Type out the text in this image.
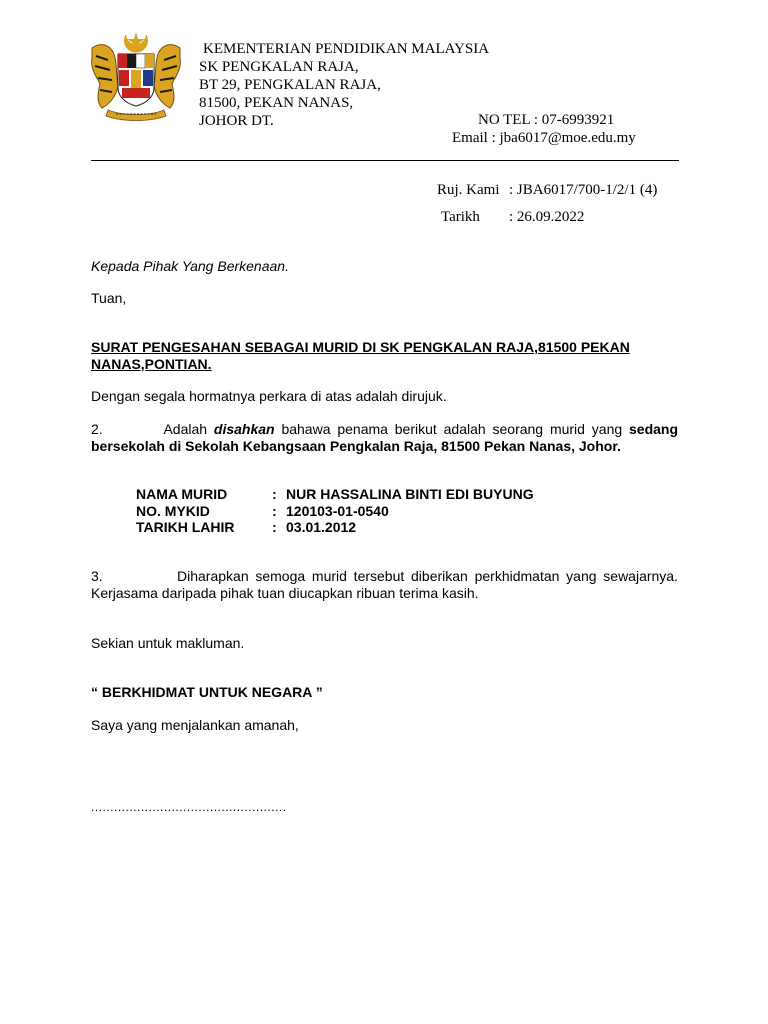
KEMENTERIAN PENDIDIKAN MALAYSIA
SK PENGKALAN RAJA,
BT 29, PENGKALAN RAJA,
81500, PEKAN NANAS,
JOHOR DT.	NO TEL : 07-6993921
Email : jba6017@moe.edu.my
Ruj. Kami : JBA6017/700-1/2/1 (4)
Tarikh : 26.09.2022
Kepada Pihak Yang Berkenaan.
Tuan,
SURAT PENGESAHAN SEBAGAI MURID DI SK PENGKALAN RAJA,81500 PEKAN NANAS,PONTIAN.
Dengan segala hormatnya perkara di atas adalah dirujuk.
2.	Adalah disahkan bahawa penama berikut adalah seorang murid yang sedang
bersekolah di Sekolah Kebangsaan Pengkalan Raja, 81500 Pekan Nanas, Johor.
NAMA MURID	: NUR HASSALINA BINTI EDI BUYUNG
NO. MYKID	: 120103-01-0540
TARIKH LAHIR	: 03.01.2012
3.	Diharapkan semoga murid tersebut diberikan perkhidmatan yang sewajarnya.
Kerjasama daripada pihak tuan diucapkan ribuan terima kasih.
Sekian untuk makluman.
“ BERKHIDMAT UNTUK NEGARA ”
Saya yang menjalankan amanah,
...................................................
